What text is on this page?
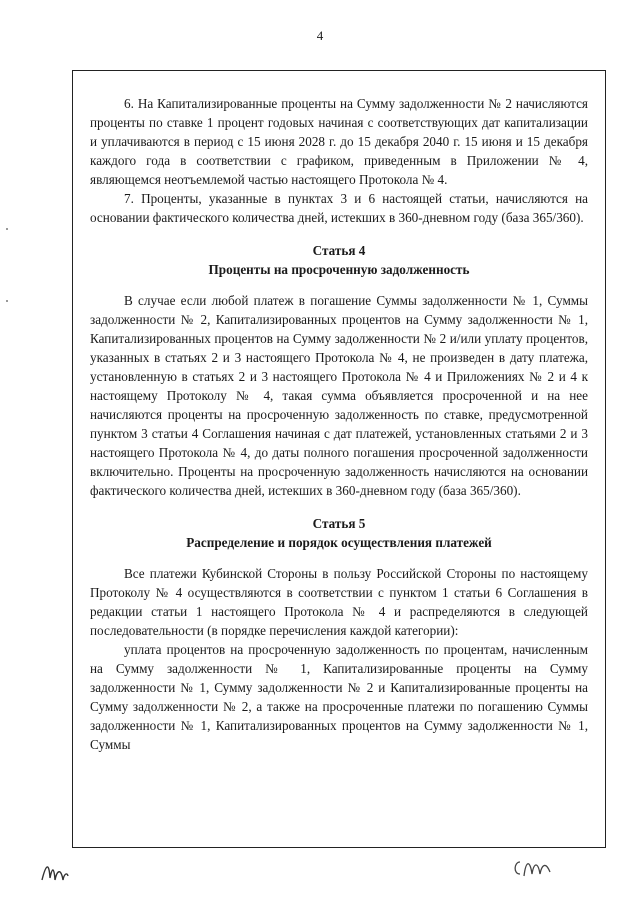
4

6. На Капитализированные проценты на Сумму задолженности № 2 начисляются проценты по ставке 1 процент годовых начиная с соответствующих дат капитализации и уплачиваются в период с 15 июня 2028 г. до 15 декабря 2040 г. 15 июня и 15 декабря каждого года в соответствии с графиком, приведенным в Приложении № 4, являющемся неотъемлемой частью настоящего Протокола № 4.

7. Проценты, указанные в пунктах 3 и 6 настоящей статьи, начисляются на основании фактического количества дней, истекших в 360-дневном году (база 365/360).

Статья 4

Проценты на просроченную задолженность

В случае если любой платеж в погашение Суммы задолженности № 1, Суммы задолженности № 2, Капитализированных процентов на Сумму задолженности № 1, Капитализированных процентов на Сумму задолженности № 2 и/или уплату процентов, указанных в статьях 2 и 3 настоящего Протокола № 4, не произведен в дату платежа, установленную в статьях 2 и 3 настоящего Протокола № 4 и Приложениях № 2 и 4 к настоящему Протоколу № 4, такая сумма объявляется просроченной и на нее начисляются проценты на просроченную задолженность по ставке, предусмотренной пунктом 3 статьи 4 Соглашения начиная с дат платежей, установленных статьями 2 и 3 настоящего Протокола № 4, до даты полного погашения просроченной задолженности включительно. Проценты на просроченную задолженность начисляются на основании фактического количества дней, истекших в 360-дневном году (база 365/360).

Статья 5

Распределение и порядок осуществления платежей

Все платежи Кубинской Стороны в пользу Российской Стороны по настоящему Протоколу № 4 осуществляются в соответствии с пунктом 1 статьи 6 Соглашения в редакции статьи 1 настоящего Протокола № 4 и распределяются в следующей последовательности (в порядке перечисления каждой категории):

уплата процентов на просроченную задолженность по процентам, начисленным на Сумму задолженности № 1, Капитализированные проценты на Сумму задолженности № 1, Сумму задолженности № 2 и Капитализированные проценты на Сумму задолженности № 2, а также на просроченные платежи по погашению Суммы задолженности № 1, Капитализированных процентов на Сумму задолженности № 1, Суммы
